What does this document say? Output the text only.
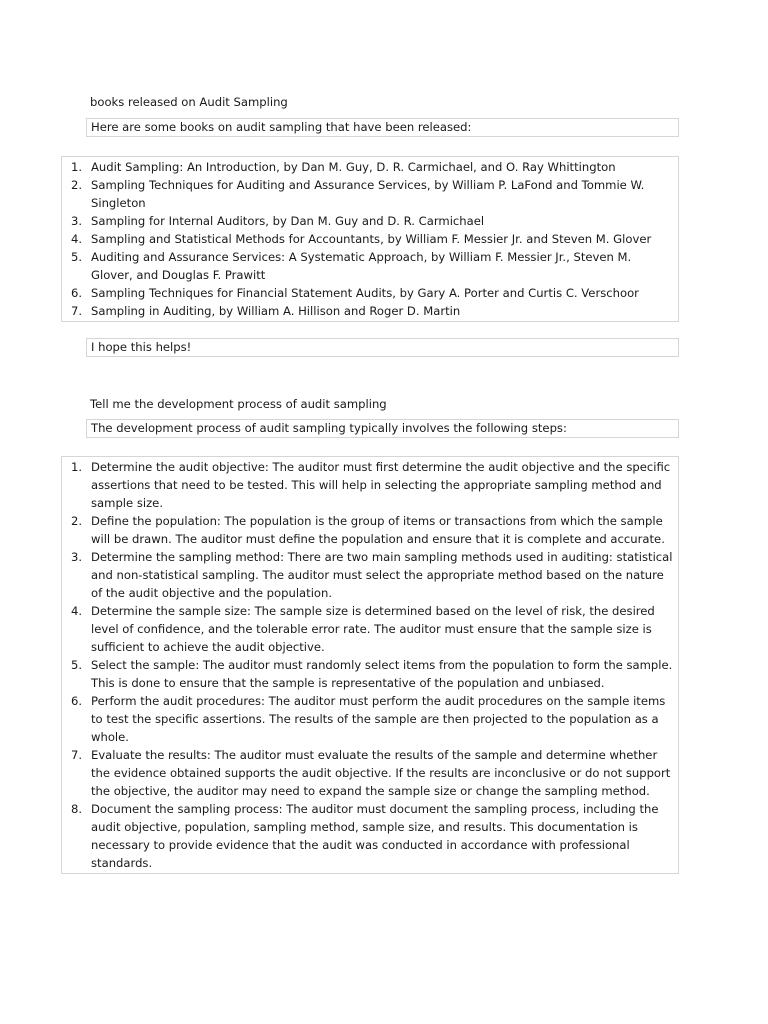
books released on Audit Sampling
Here are some books on audit sampling that have been released:
1. Audit Sampling: An Introduction, by Dan M. Guy, D. R. Carmichael, and O. Ray Whittington
2. Sampling Techniques for Auditing and Assurance Services, by William P. LaFond and Tommie W. Singleton
3. Sampling for Internal Auditors, by Dan M. Guy and D. R. Carmichael
4. Sampling and Statistical Methods for Accountants, by William F. Messier Jr. and Steven M. Glover
5. Auditing and Assurance Services: A Systematic Approach, by William F. Messier Jr., Steven M. Glover, and Douglas F. Prawitt
6. Sampling Techniques for Financial Statement Audits, by Gary A. Porter and Curtis C. Verschoor
7. Sampling in Auditing, by William A. Hillison and Roger D. Martin
I hope this helps!
Tell me the development process of audit sampling
The development process of audit sampling typically involves the following steps:
1. Determine the audit objective: The auditor must first determine the audit objective and the specific assertions that need to be tested. This will help in selecting the appropriate sampling method and sample size.
2. Define the population: The population is the group of items or transactions from which the sample will be drawn. The auditor must define the population and ensure that it is complete and accurate.
3. Determine the sampling method: There are two main sampling methods used in auditing: statistical and non-statistical sampling. The auditor must select the appropriate method based on the nature of the audit objective and the population.
4. Determine the sample size: The sample size is determined based on the level of risk, the desired level of confidence, and the tolerable error rate. The auditor must ensure that the sample size is sufficient to achieve the audit objective.
5. Select the sample: The auditor must randomly select items from the population to form the sample. This is done to ensure that the sample is representative of the population and unbiased.
6. Perform the audit procedures: The auditor must perform the audit procedures on the sample items to test the specific assertions. The results of the sample are then projected to the population as a whole.
7. Evaluate the results: The auditor must evaluate the results of the sample and determine whether the evidence obtained supports the audit objective. If the results are inconclusive or do not support the objective, the auditor may need to expand the sample size or change the sampling method.
8. Document the sampling process: The auditor must document the sampling process, including the audit objective, population, sampling method, sample size, and results. This documentation is necessary to provide evidence that the audit was conducted in accordance with professional standards.
